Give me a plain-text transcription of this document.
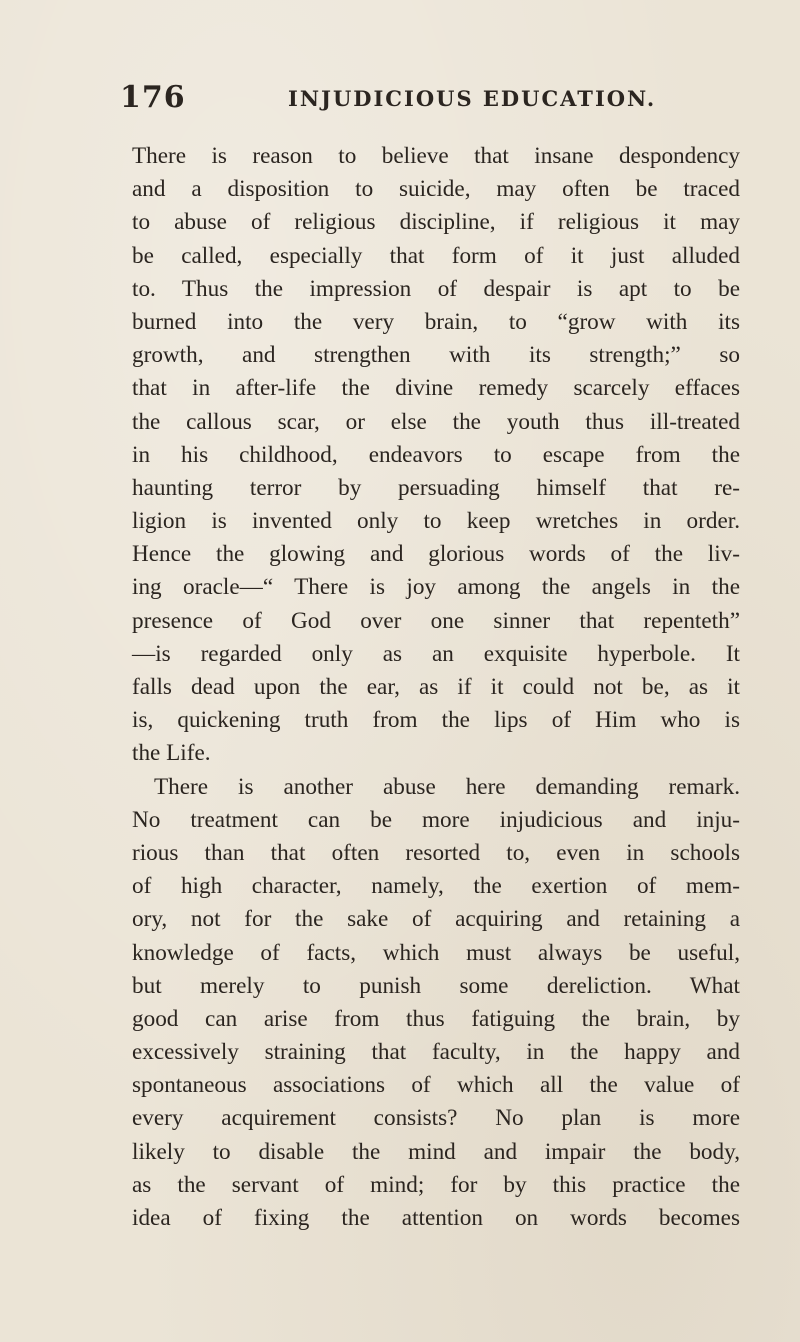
176	INJUDICIOUS EDUCATION.
There is reason to believe that insane despondency
and a disposition to suicide, may often be traced
to abuse of religious discipline, if religious it may
be called, especially that form of it just alluded
to. Thus the impression of despair is apt to be
burned into the very brain, to “grow with its
growth, and strengthen with its strength;” so
that in after-life the divine remedy scarcely effaces
the callous scar, or else the youth thus ill-treated
in his childhood, endeavors to escape from the
haunting terror by persuading himself that re-
ligion is invented only to keep wretches in order.
Hence the glowing and glorious words of the liv-
ing oracle—“ There is joy among the angels in the
presence of God over one sinner that repenteth”
—is regarded only as an exquisite hyperbole. It
falls dead upon the ear, as if it could not be, as it
is, quickening truth from the lips of Him who is
the Life.
There is another abuse here demanding remark.
No treatment can be more injudicious and inju-
rious than that often resorted to, even in schools
of high character, namely, the exertion of mem-
ory, not for the sake of acquiring and retaining a
knowledge of facts, which must always be useful,
but merely to punish some dereliction. What
good can arise from thus fatiguing the brain, by
excessively straining that faculty, in the happy and
spontaneous associations of which all the value of
every acquirement consists? No plan is more
likely to disable the mind and impair the body,
as the servant of mind; for by this practice the
idea of fixing the attention on words becomes
